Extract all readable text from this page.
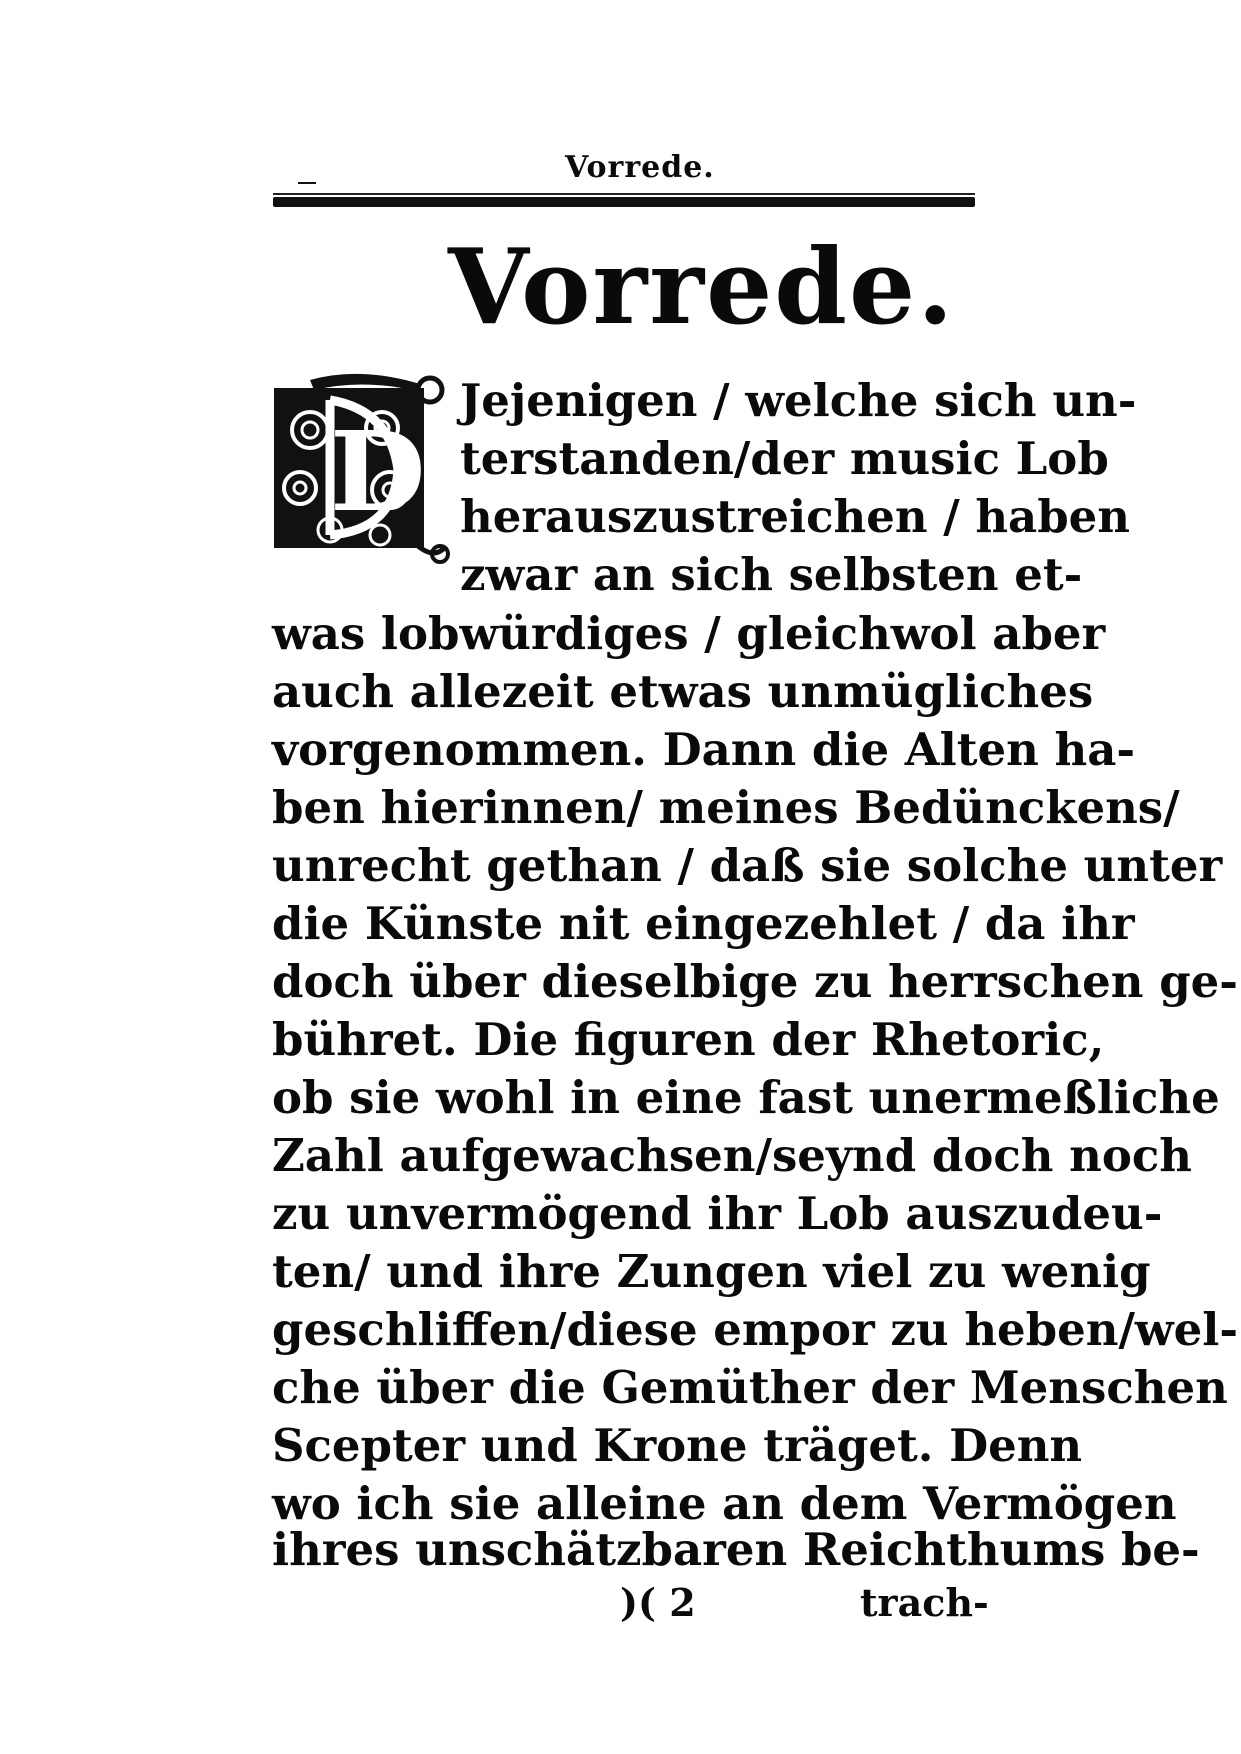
Vorrede.
Vorrede.
D
Jejenigen / welche sich un-
terstanden/der music Lob
herauszustreichen / haben
zwar an sich selbsten et-
was lobwürdiges / gleichwol aber
auch allezeit etwas unmügliches
vorgenommen. Dann die Alten ha-
ben hierinnen/ meines Bedünckens/
unrecht gethan / daß sie solche unter
die Künste nit eingezehlet / da ihr
doch über dieselbige zu herrschen ge-
bühret. Die figuren der Rhetoric,
ob sie wohl in eine fast unermeßliche
Zahl aufgewachsen/seynd doch noch
zu unvermögend ihr Lob auszudeu-
ten/ und ihre Zungen viel zu wenig
geschliffen/diese empor zu heben/wel-
che über die Gemüther der Menschen
Scepter und Krone träget. Denn
wo ich sie alleine an dem Vermögen
ihres unschätzbaren Reichthums be-
)( 2	trach-
